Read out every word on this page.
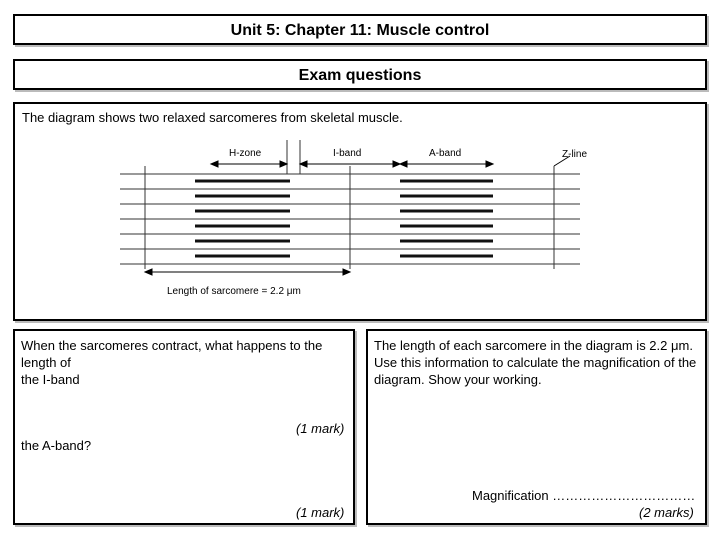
Unit 5: Chapter 11: Muscle control
Exam questions
The diagram shows two relaxed sarcomeres from skeletal muscle.
H-zone	I-band	A-band	Z-line
Length of sarcomere = 2.2 μm
When the sarcomeres contract, what happens to the length of
the I-band
(1 mark)
the A-band?
(1 mark)
The length of each sarcomere in the diagram is 2.2 μm. Use this information to calculate the magnification of the diagram. Show your working.
Magnification ……………………………
(2 marks)
